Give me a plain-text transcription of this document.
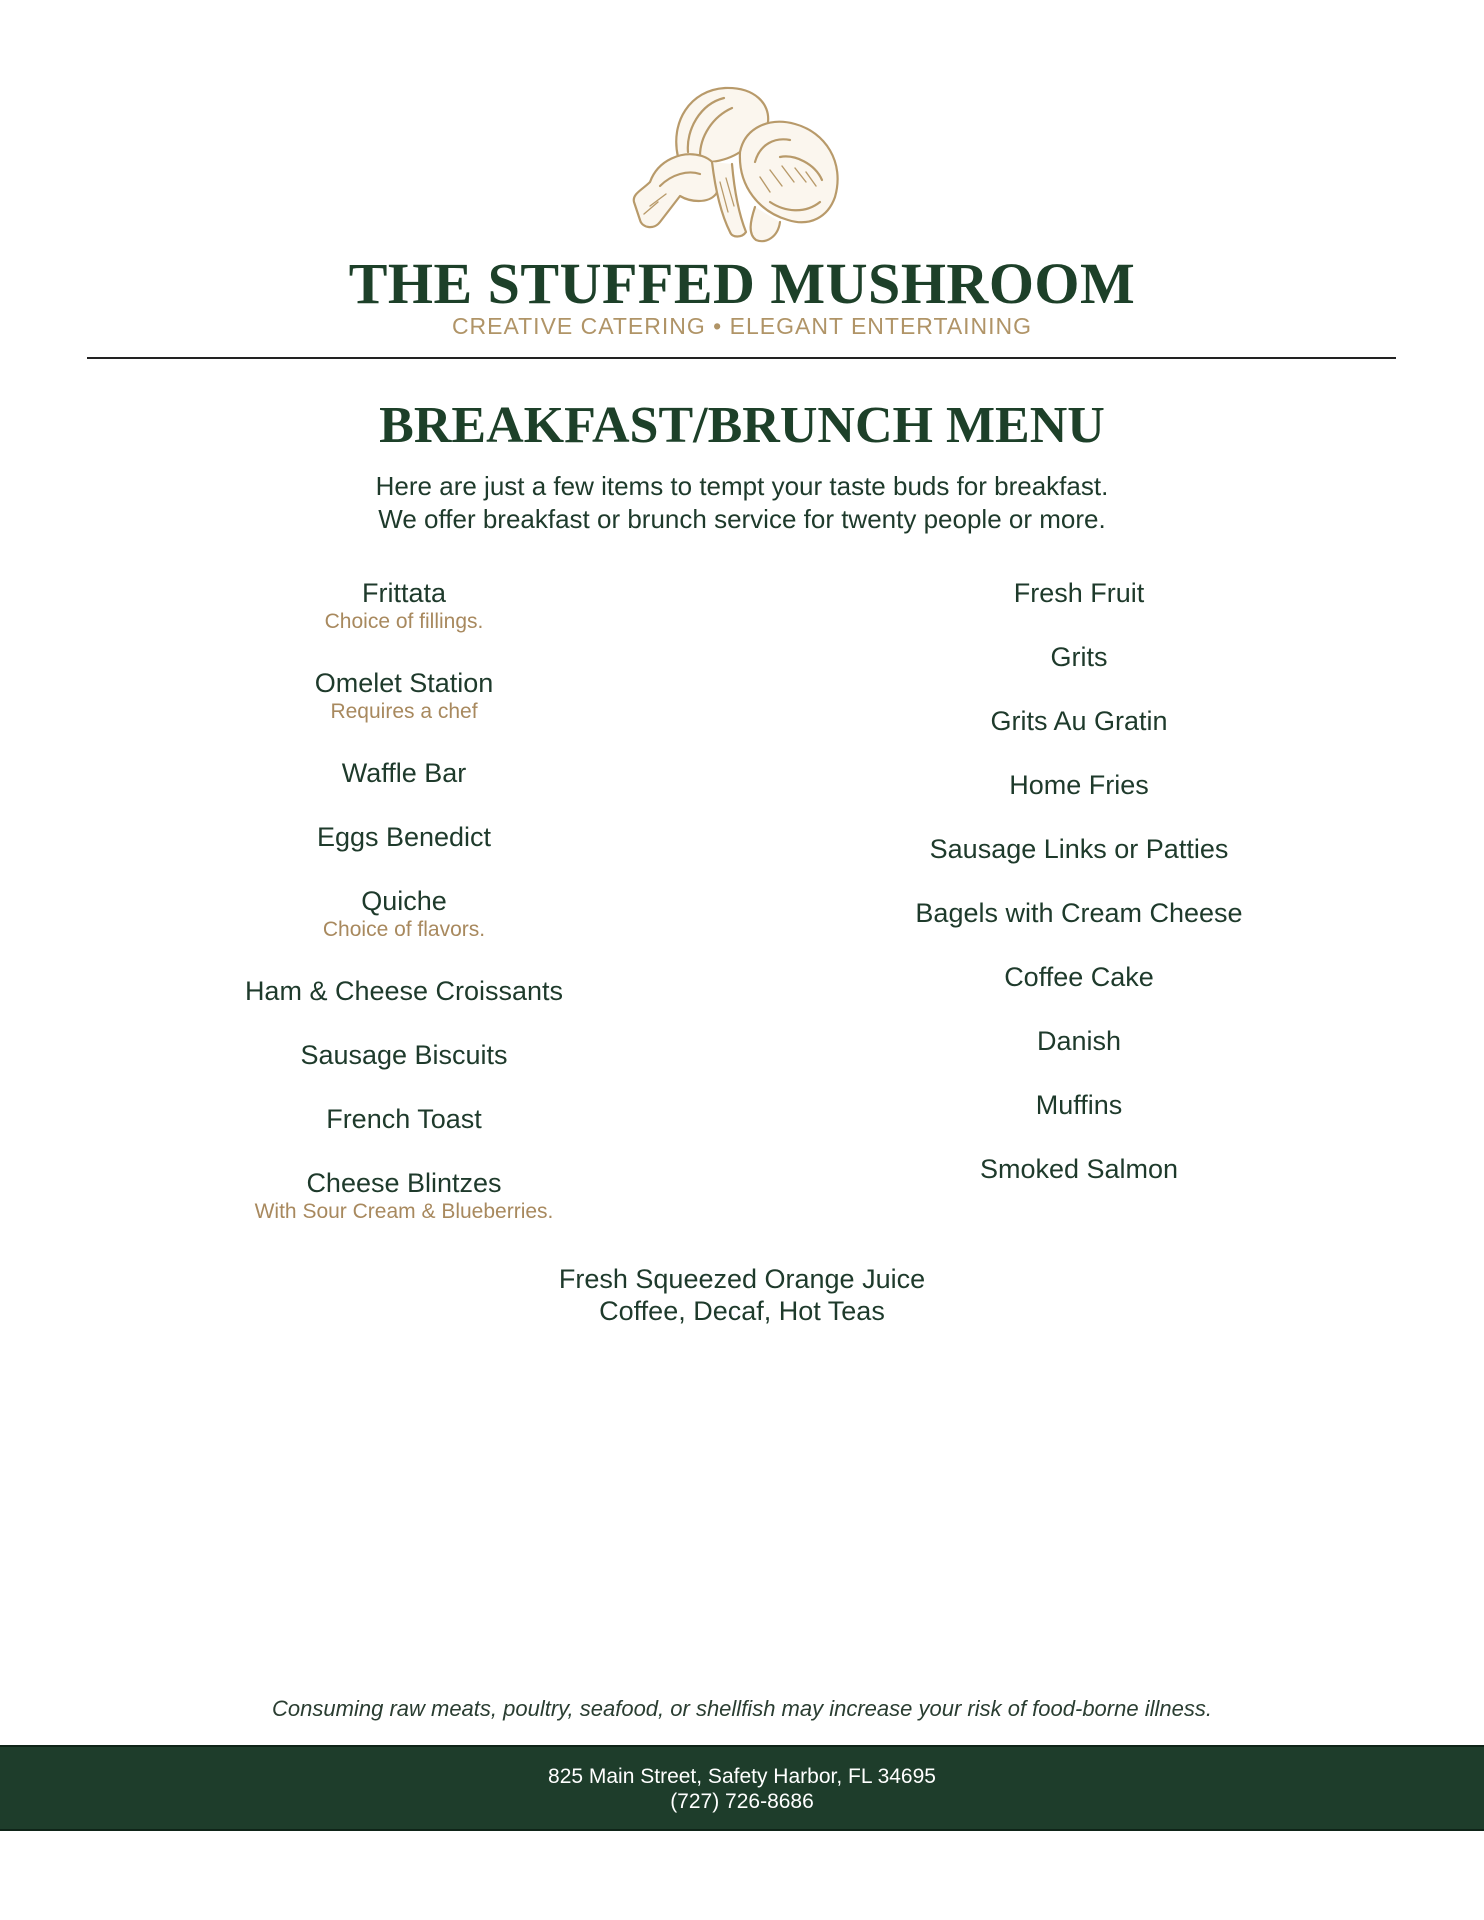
THE STUFFED MUSHROOM
CREATIVE CATERING • ELEGANT ENTERTAINING
BREAKFAST/BRUNCH MENU
Here are just a few items to tempt your taste buds for breakfast.
We offer breakfast or brunch service for twenty people or more.
Frittata
Choice of fillings.
Omelet Station
Requires a chef
Waffle Bar
Eggs Benedict
Quiche
Choice of flavors.
Ham & Cheese Croissants
Sausage Biscuits
French Toast
Cheese Blintzes
With Sour Cream & Blueberries.
Fresh Fruit
Grits
Grits Au Gratin
Home Fries
Sausage Links or Patties
Bagels with Cream Cheese
Coffee Cake
Danish
Muffins
Smoked Salmon
Fresh Squeezed Orange Juice
Coffee, Decaf, Hot Teas
Consuming raw meats, poultry, seafood, or shellfish may increase your risk of food-borne illness.
825 Main Street, Safety Harbor, FL 34695
(727) 726-8686
